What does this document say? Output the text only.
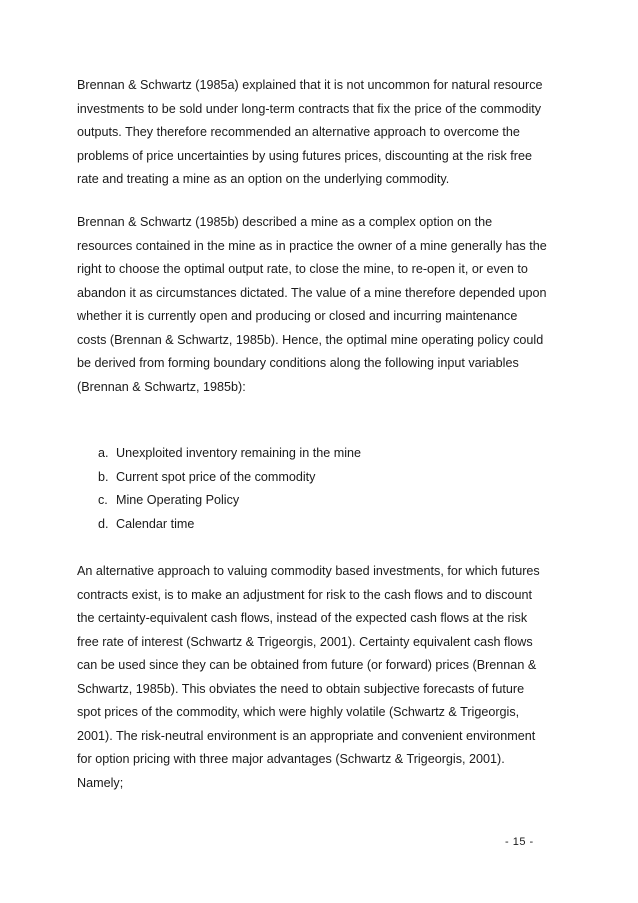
Brennan & Schwartz (1985a) explained that it is not uncommon for natural resource
investments to be sold under long-term contracts that fix the price of the commodity
outputs. They therefore recommended an alternative approach to overcome the
problems of price uncertainties by using futures prices, discounting at the risk free
rate and treating a mine as an option on the underlying commodity.

Brennan & Schwartz (1985b) described a mine as a complex option on the
resources contained in the mine as in practice the owner of a mine generally has the
right to choose the optimal output rate, to close the mine, to re-open it, or even to
abandon it as circumstances dictated. The value of a mine therefore depended upon
whether it is currently open and producing or closed and incurring maintenance
costs (Brennan & Schwartz, 1985b). Hence, the optimal mine operating policy could
be derived from forming boundary conditions along the following input variables
(Brennan & Schwartz, 1985b):

a. Unexploited inventory remaining in the mine
b. Current spot price of the commodity
c. Mine Operating Policy
d. Calendar time

An alternative approach to valuing commodity based investments, for which futures
contracts exist, is to make an adjustment for risk to the cash flows and to discount
the certainty-equivalent cash flows, instead of the expected cash flows at the risk
free rate of interest (Schwartz & Trigeorgis, 2001). Certainty equivalent cash flows
can be used since they can be obtained from future (or forward) prices (Brennan &
Schwartz, 1985b). This obviates the need to obtain subjective forecasts of future
spot prices of the commodity, which were highly volatile (Schwartz & Trigeorgis,
2001). The risk-neutral environment is an appropriate and convenient environment
for option pricing with three major advantages (Schwartz & Trigeorgis, 2001).
Namely;

- 15 -
